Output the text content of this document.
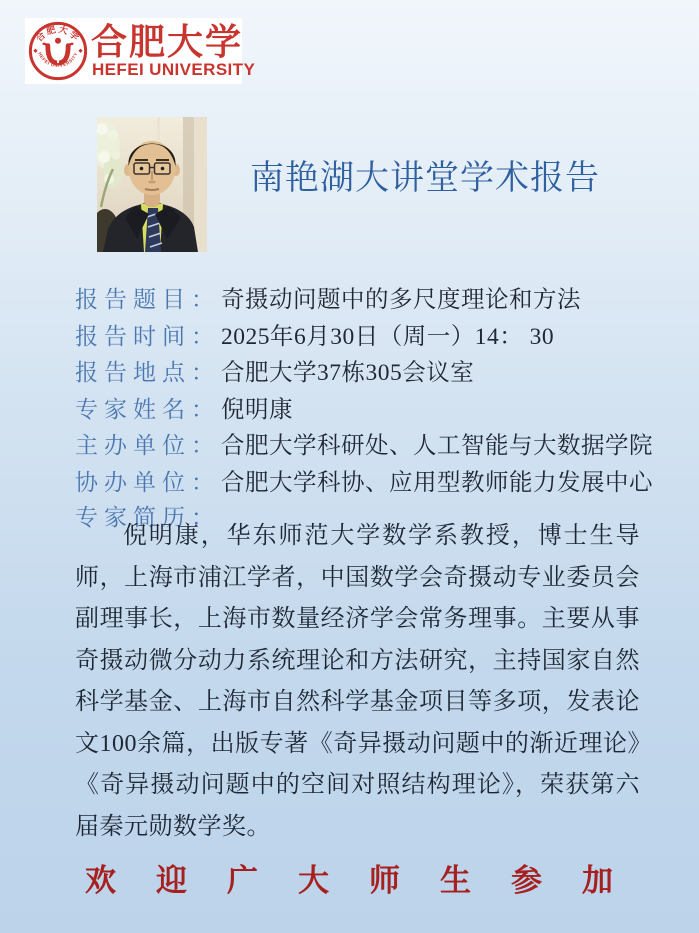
合肥大学
HEFEI UNIVERSITY 合肥大学
HEFEI UNIVERSITY
南艳湖大讲堂学术报告
报告题目： 奇摄动问题中的多尺度理论和方法
报告时间： 2025年6月30日（周一）14： 30
报告地点： 合肥大学37栋305会议室
专家姓名： 倪明康
主办单位： 合肥大学科研处、人工智能与大数据学院
协办单位： 合肥大学科协、应用型教师能力发展中心
专家简历：
倪明康，华东师范大学数学系教授，博士生导师，上海市浦江学者，中国数学会奇摄动专业委员会副理事长，上海市数量经济学会常务理事。主要从事奇摄动微分动力系统理论和方法研究，主持国家自然科学基金、上海市自然科学基金项目等多项，发表论文100余篇，出版专著《奇异摄动问题中的渐近理论》《奇异摄动问题中的空间对照结构理论》，荣获第六届秦元勋数学奖。
欢迎广大师生参加
